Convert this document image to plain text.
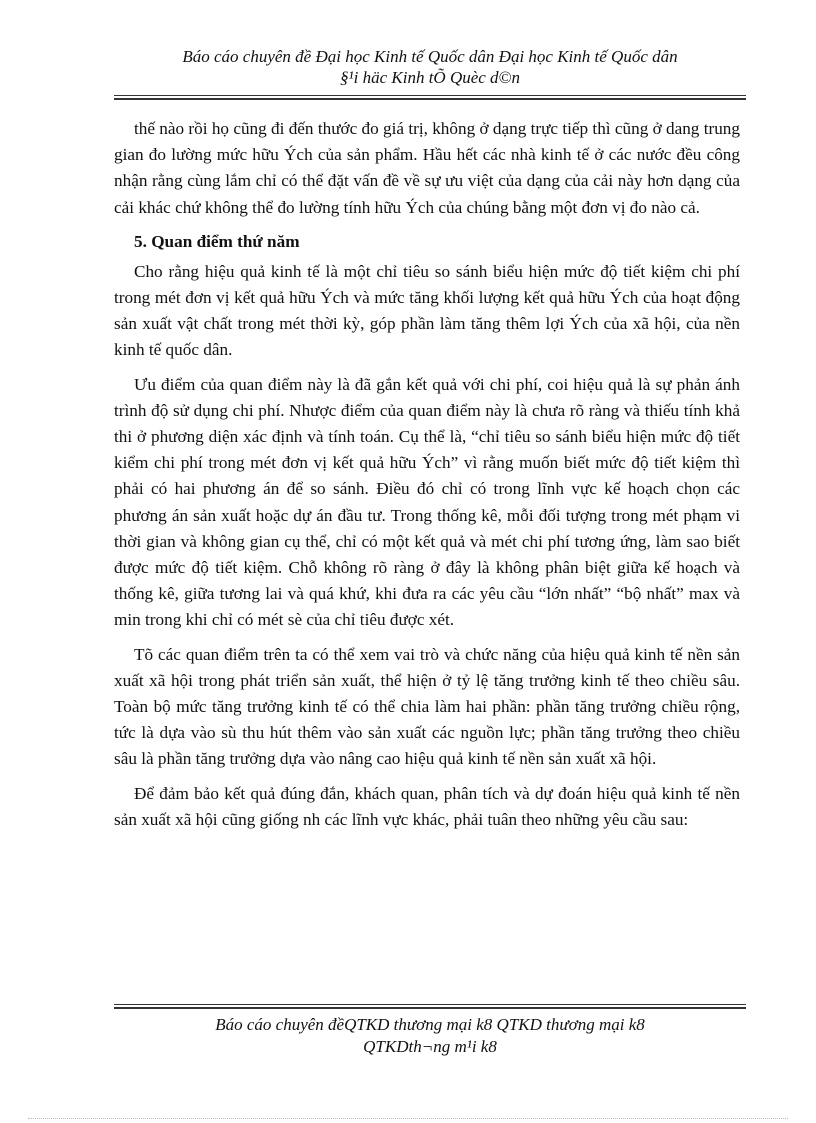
Báo cáo chuyên đề Đại học Kinh tế Quốc dân Đại học Kinh tế Quốc dân
§¹i häc Kinh tÕ Quèc d©n

thế nào rồi họ cũng đi đến thước đo giá trị, không ở dạng trực tiếp thì cũng ở dang trung gian đo lường mức hữu Ých của sản phẩm. Hầu hết các nhà kinh tế ở các nước đều công nhận rằng cùng lắm chỉ có thể đặt vấn đề về sự ưu việt của dạng của cải này hơn dạng của cải khác chứ không thể đo lường tính hữu Ých của chúng bằng một đơn vị đo nào cả.

5. Quan điểm thứ năm

Cho rằng hiệu quả kinh tế là một chỉ tiêu so sánh biểu hiện mức độ tiết kiệm chi phí trong mét đơn vị kết quả hữu Ých và mức tăng khối lượng kết quả hữu Ých của hoạt động sản xuất vật chất trong mét thời kỳ, góp phần làm tăng thêm lợi Ých của xã hội, của nền kinh tế quốc dân.

Ưu điểm của quan điểm này là đã gắn kết quả với chi phí, coi hiệu quả là sự phản ánh trình độ sử dụng chi phí. Nhược điểm của quan điểm này là chưa rõ ràng và thiếu tính khả thi ở phương diện xác định và tính toán. Cụ thể là, “chỉ tiêu so sánh biểu hiện mức độ tiết kiểm chi phí trong mét đơn vị kết quả hữu Ých” vì rằng muốn biết mức độ tiết kiệm thì phải có hai phương án để so sánh. Điều đó chỉ có trong lĩnh vực kế hoạch chọn các phương án sản xuất hoặc dự án đầu tư. Trong thống kê, mỗi đối tượng trong mét phạm vi thời gian và không gian cụ thể, chỉ có một kết quả và mét chi phí tương ứng, làm sao biết được mức độ tiết kiệm. Chỗ không rõ ràng ở đây là không phân biệt giữa kế hoạch và thống kê, giữa tương lai và quá khứ, khi đưa ra các yêu cầu “lớn nhất” “bộ nhất” max và min trong khi chỉ có mét sè của chỉ tiêu được xét.

Tõ các quan điểm trên ta có thể xem vai trò và chức năng của hiệu quả kinh tế nền sản xuất xã hội trong phát triển sản xuất, thể hiện ở tỷ lệ tăng trưởng kinh tế theo chiều sâu. Toàn bộ mức tăng trưởng kinh tế có thể chia làm hai phần: phần tăng trưởng chiều rộng, tức là dựa vào sù thu hút thêm vào sản xuất các nguồn lực; phần tăng trưởng theo chiều sâu là phần tăng trưởng dựa vào nâng cao hiệu quả kinh tế nền sản xuất xã hội.

Để đảm bảo kết quả đúng đắn, khách quan, phân tích và dự đoán hiệu quả kinh tế nền sản xuất xã hội cũng giống nh các lĩnh vực khác, phải tuân theo những yêu cầu sau:

Báo cáo chuyên đềQTKD thương mại k8 QTKD thương mại k8
QTKDth¬ng m¹i k8
